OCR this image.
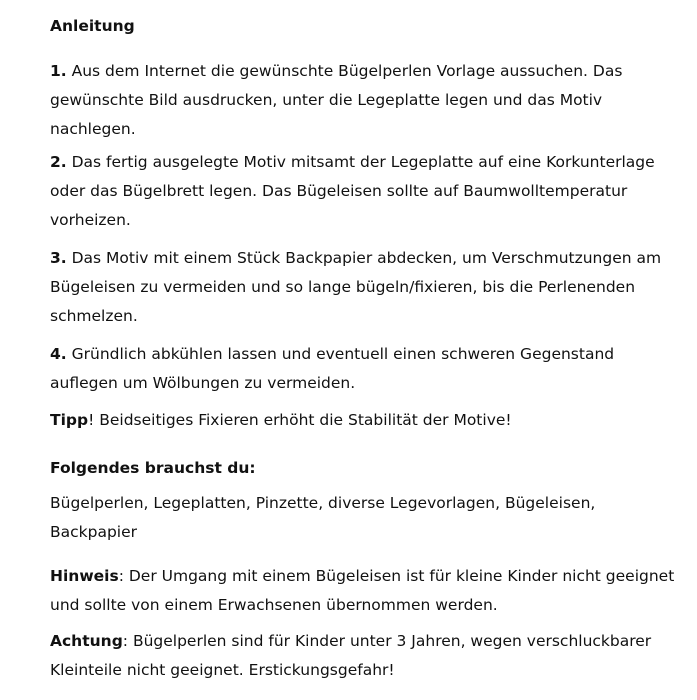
Anleitung
1. Aus dem Internet die gewünschte Bügelperlen Vorlage aussuchen. Das
gewünschte Bild ausdrucken, unter die Legeplatte legen und das Motiv
nachlegen.
2. Das fertig ausgelegte Motiv mitsamt der Legeplatte auf eine Korkunterlage
oder das Bügelbrett legen. Das Bügeleisen sollte auf Baumwolltemperatur
vorheizen.
3. Das Motiv mit einem Stück Backpapier abdecken, um Verschmutzungen am
Bügeleisen zu vermeiden und so lange bügeln/fixieren, bis die Perlenenden
schmelzen.
4. Gründlich abkühlen lassen und eventuell einen schweren Gegenstand
auflegen um Wölbungen zu vermeiden.
Tipp! Beidseitiges Fixieren erhöht die Stabilität der Motive!
Folgendes brauchst du:
Bügelperlen, Legeplatten, Pinzette, diverse Legevorlagen, Bügeleisen,
Backpapier
Hinweis: Der Umgang mit einem Bügeleisen ist für kleine Kinder nicht geeignet
und sollte von einem Erwachsenen übernommen werden.
Achtung: Bügelperlen sind für Kinder unter 3 Jahren, wegen verschluckbarer
Kleinteile nicht geeignet. Erstickungsgefahr!
